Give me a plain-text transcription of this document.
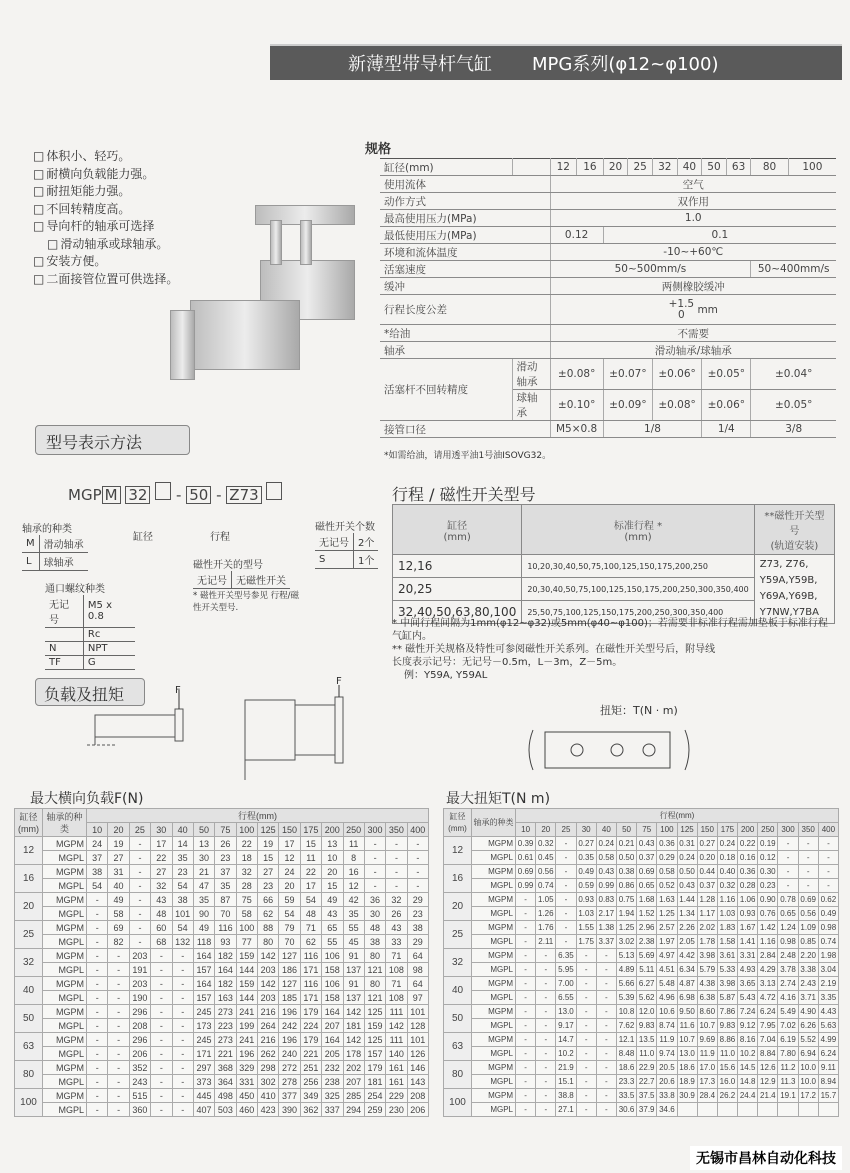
新薄型带导杆气缸 MPG系列(φ12~φ100)
□ 体积小、轻巧。
□ 耐横向负载能力强。
□ 耐扭矩能力强。
□ 不回转精度高。
□ 导向杆的轴承可选择
□ 滑动轴承或球轴承。
□ 安装方便。
□ 二面接管位置可供选择。
规格
缸径(mm)		12	16	20	25	32	40	50	63	80	100
使用流体		空气									
动作方式		双作用									
最高使用压力(MPa)		1.0									
最低使用压力(MPa)		0.12		0.1							
环境和流体温度		-10~+60℃									
活塞速度		50~500mm/s								50~400mm/s	
缓冲		两侧橡胶缓冲									
行程长度公差		+1.5
0 mm									
*给油		不需要									
轴承		滑动轴承/球轴承									
活塞杆不回转精度	滑动轴承	±0.08°		±0.07°		±0.06°		±0.05°		±0.04°	
	球轴承	±0.10°		±0.09°		±0.08°		±0.06°		±0.05°	
接管口径		M5×0.8		1/8				1/4		3/8	
*如需给油，请用透平油1号油ISOVG32。
型号表示方法
MGP M 32 - 50 - Z73
轴承的种类
M	滑动轴承
L	球轴承
缸径	行程
通口螺纹种类
无记号	M5 x 0.8
	Rc
N	NPT
TF	G
磁性开关的型号
无记号	无磁性开关
* 磁性开关型号参见 行程/磁性开关型号.
磁性开关个数
无记号	2个
S	1个
行程 / 磁性开关型号
缸径
(mm)	标准行程 *
(mm)	**磁性开关型号
(轨道安装)
12,16	10,20,30,40,50,75,100,125,150,175,200,250	Z73, Z76, Y59A,Y59B, Y69A,Y69B, Y7NW,Y7BA
20,25	20,30,40,50,75,100,125,150,175,200,250,300,350,400	
32,40,50,63,80,100	25,50,75,100,125,150,175,200,250,300,350,400	
* 中间行程间隔为1mm(φ12~φ32)或5mm(φ40~φ100)；若需要非标准行程需加垫板于标准行程气缸内。
** 磁性开关规格及特性可参阅磁性开关系列。在磁性开关型号后，附导线长度表示记号：无记号－0.5m，L－3m，Z－5m。
例：Y59A, Y59AL
负载及扭矩	F
F
扭矩：T(N · m)
最大横向负载F(N)
缸径
(mm)	轴承的种类	行程(mm)															
		10	20	25	30	40	50	75	100	125	150	175	200	250	300	350	400
12	MGPM	24	19	-	17	14	13	26	22	19	17	15	13	11	-	-	-
	MGPL	37	27	-	22	35	30	23	18	15	12	11	10	8	-	-	-
16	MGPM	38	31	-	27	23	21	37	32	27	24	22	20	16	-	-	-
	MGPL	54	40	-	32	54	47	35	28	23	20	17	15	12	-	-	-
20	MGPM	-	49	-	43	38	35	87	75	66	59	54	49	42	36	32	29
	MGPL	-	58	-	48	101	90	70	58	62	54	48	43	35	30	26	23
25	MGPM	-	69	-	60	54	49	116	100	88	79	71	65	55	48	43	38
	MGPL	-	82	-	68	132	118	93	77	80	70	62	55	45	38	33	29
32	MGPM	-	-	203	-	-	164	182	159	142	127	116	106	91	80	71	64
	MGPL	-	-	191	-	-	157	164	144	203	186	171	158	137	121	108	98
40	MGPM	-	-	203	-	-	164	182	159	142	127	116	106	91	80	71	64
	MGPL	-	-	190	-	-	157	163	144	203	185	171	158	137	121	108	97
50	MGPM	-	-	296	-	-	245	273	241	216	196	179	164	142	125	111	101
	MGPL	-	-	208	-	-	173	223	199	264	242	224	207	181	159	142	128
63	MGPM	-	-	296	-	-	245	273	241	216	196	179	164	142	125	111	101
	MGPL	-	-	206	-	-	171	221	196	262	240	221	205	178	157	140	126
80	MGPM	-	-	352	-	-	297	368	329	298	272	251	232	202	179	161	146
	MGPL	-	-	243	-	-	373	364	331	302	278	256	238	207	181	161	143
100	MGPM	-	-	515	-	-	445	498	450	410	377	349	325	285	254	229	208
	MGPL	-	-	360	-	-	407	503	460	423	390	362	337	294	259	230	206
最大扭矩T(N m)
缸径
(mm)	轴承的种类	行程(mm)															
		10	20	25	30	40	50	75	100	125	150	175	200	250	300	350	400
12	MGPM	0.39	0.32	-	0.27	0.24	0.21	0.43	0.36	0.31	0.27	0.24	0.22	0.19	-	-	-
	MGPL	0.61	0.45	-	0.35	0.58	0.50	0.37	0.29	0.24	0.20	0.18	0.16	0.12	-	-	-
16	MGPM	0.69	0.56	-	0.49	0.43	0.38	0.69	0.58	0.50	0.44	0.40	0.36	0.30	-	-	-
	MGPL	0.99	0.74	-	0.59	0.99	0.86	0.65	0.52	0.43	0.37	0.32	0.28	0.23	-	-	-
20	MGPM	-	1.05	-	0.93	0.83	0.75	1.68	1.63	1.44	1.28	1.16	1.06	0.90	0.78	0.69	0.62
	MGPL	-	1.26	-	1.03	2.17	1.94	1.52	1.25	1.34	1.17	1.03	0.93	0.76	0.65	0.56	0.49
25	MGPM	-	1.76	-	1.55	1.38	1.25	2.96	2.57	2.26	2.02	1.83	1.67	1.42	1.24	1.09	0.98
	MGPL	-	2.11	-	1.75	3.37	3.02	2.38	1.97	2.05	1.78	1.58	1.41	1.16	0.98	0.85	0.74
32	MGPM	-	-	6.35	-	-	5.13	5.69	4.97	4.42	3.98	3.61	3.31	2.84	2.48	2.20	1.98
	MGPL	-	-	5.95	-	-	4.89	5.11	4.51	6.34	5.79	5.33	4.93	4.29	3.78	3.38	3.04
40	MGPM	-	-	7.00	-	-	5.66	6.27	5.48	4.87	4.38	3.98	3.65	3.13	2.74	2.43	2.19
	MGPL	-	-	6.55	-	-	5.39	5.62	4.96	6.98	6.38	5.87	5.43	4.72	4.16	3.71	3.35
50	MGPM	-	-	13.0	-	-	10.8	12.0	10.6	9.50	8.60	7.86	7.24	6.24	5.49	4.90	4.43
	MGPL	-	-	9.17	-	-	7.62	9.83	8.74	11.6	10.7	9.83	9.12	7.95	7.02	6.26	5.63
63	MGPM	-	-	14.7	-	-	12.1	13.5	11.9	10.7	9.69	8.86	8.16	7.04	6.19	5.52	4.99
	MGPL	-	-	10.2	-	-	8.48	11.0	9.74	13.0	11.9	11.0	10.2	8.84	7.80	6.94	6.24
80	MGPM	-	-	21.9	-	-	18.6	22.9	20.5	18.6	17.0	15.6	14.5	12.6	11.2	10.0	9.11
	MGPL	-	-	15.1	-	-	23.3	22.7	20.6	18.9	17.3	16.0	14.8	12.9	11.3	10.0	8.94
100	MGPM	-	-	38.8	-	-	33.5	37.5	33.8	30.9	28.4	26.2	24.4	21.4	19.1	17.2	15.7
	MGPL	-	-	27.1	-	-	30.6	37.9	34.6								
无锡市昌林自动化科技
